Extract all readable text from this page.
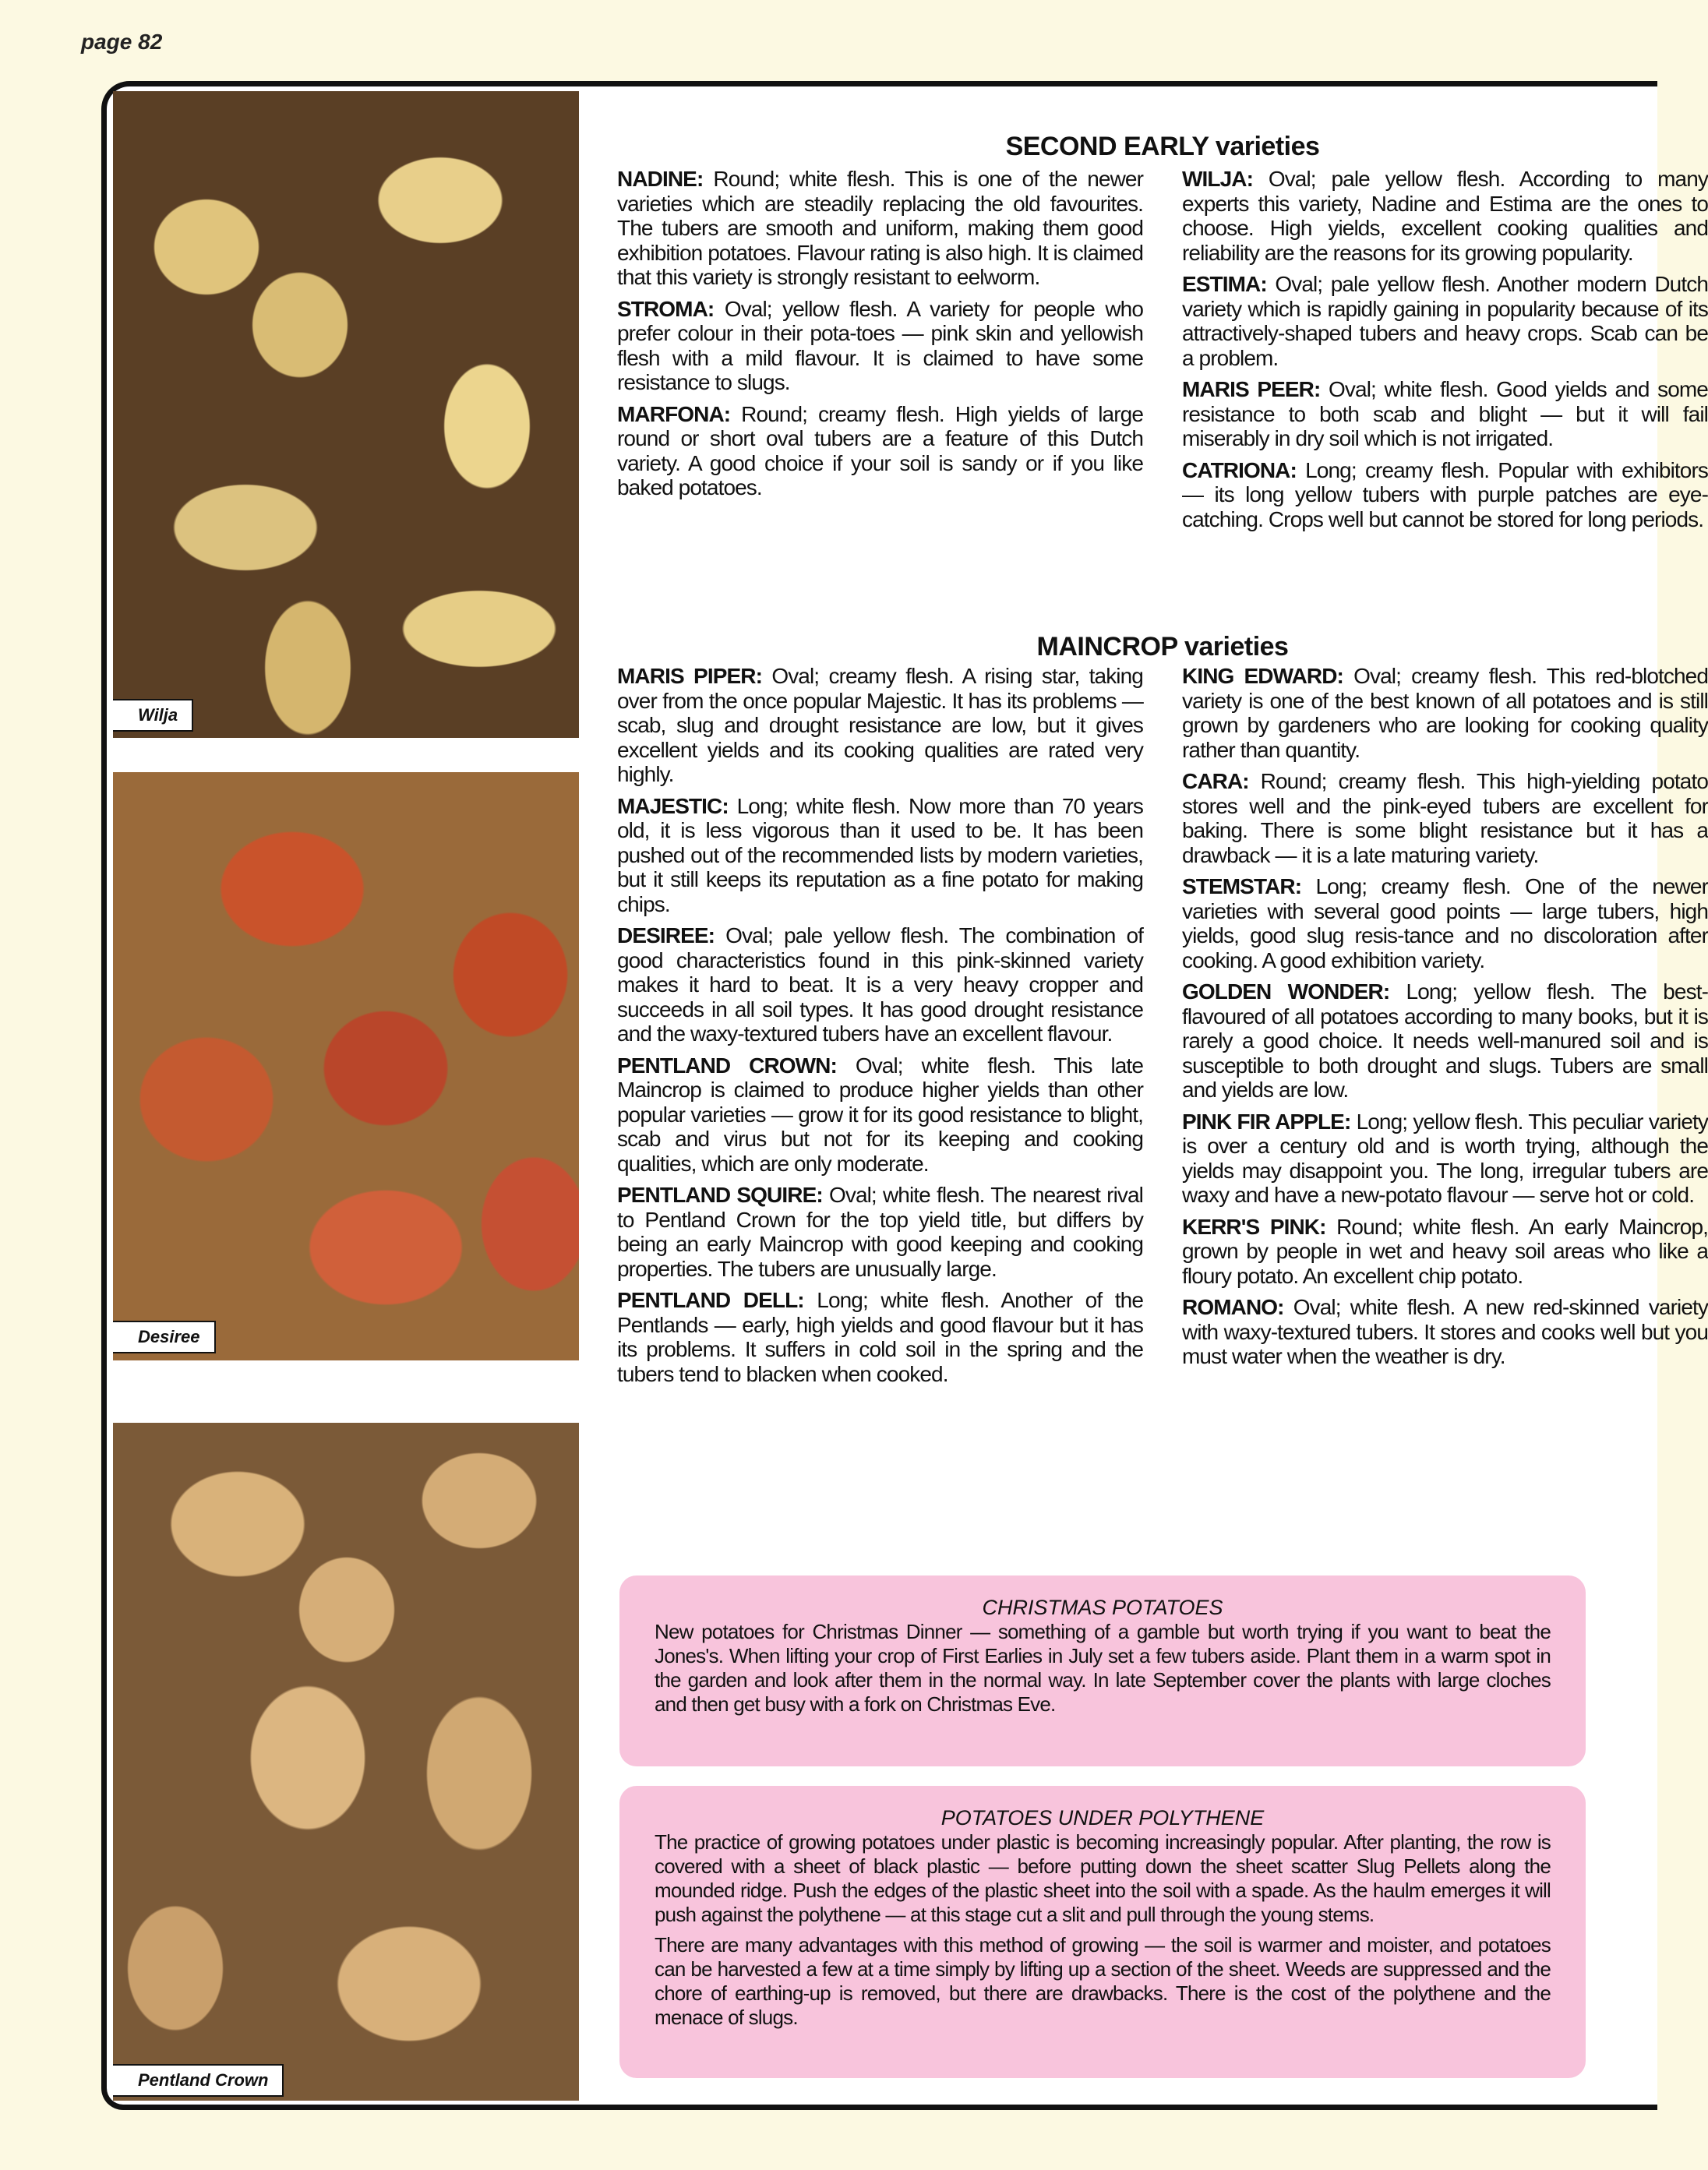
page 82
Wilja
Desiree
Pentland Crown
SECOND EARLY varieties

NADINE: Round; white flesh. This is one of the newer varieties which are steadily replacing the old favourites. The tubers are smooth and uniform, making them good exhibition potatoes. Flavour rating is also high. It is claimed that this variety is strongly resistant to eelworm.

STROMA: Oval; yellow flesh. A variety for people who prefer colour in their pota-toes — pink skin and yellowish flesh with a mild flavour. It is claimed to have some resistance to slugs.

MARFONA: Round; creamy flesh. High yields of large round or short oval tubers are a feature of this Dutch variety. A good choice if your soil is sandy or if you like baked potatoes.

WILJA: Oval; pale yellow flesh. According to many experts this variety, Nadine and Estima are the ones to choose. High yields, excellent cooking qualities and reliability are the reasons for its growing popularity.

ESTIMA: Oval; pale yellow flesh. Another modern Dutch variety which is rapidly gaining in popularity because of its attractively-shaped tubers and heavy crops. Scab can be a problem.

MARIS PEER: Oval; white flesh. Good yields and some resistance to both scab and blight — but it will fail miserably in dry soil which is not irrigated.

CATRIONA: Long; creamy flesh. Popular with exhibitors — its long yellow tubers with purple patches are eye-catching. Crops well but cannot be stored for long periods.

MAINCROP varieties

MARIS PIPER: Oval; creamy flesh. A rising star, taking over from the once popular Majestic. It has its problems — scab, slug and drought resistance are low, but it gives excellent yields and its cooking qualities are rated very highly.

MAJESTIC: Long; white flesh. Now more than 70 years old, it is less vigorous than it used to be. It has been pushed out of the recommended lists by modern varieties, but it still keeps its reputation as a fine potato for making chips.

DESIREE: Oval; pale yellow flesh. The combination of good characteristics found in this pink-skinned variety makes it hard to beat. It is a very heavy cropper and succeeds in all soil types. It has good drought resistance and the waxy-textured tubers have an excellent flavour.

PENTLAND CROWN: Oval; white flesh. This late Maincrop is claimed to produce higher yields than other popular varieties — grow it for its good resistance to blight, scab and virus but not for its keeping and cooking qualities, which are only moderate.

PENTLAND SQUIRE: Oval; white flesh. The nearest rival to Pentland Crown for the top yield title, but differs by being an early Maincrop with good keeping and cooking properties. The tubers are unusually large.

PENTLAND DELL: Long; white flesh. Another of the Pentlands — early, high yields and good flavour but it has its problems. It suffers in cold soil in the spring and the tubers tend to blacken when cooked.

KING EDWARD: Oval; creamy flesh. This red-blotched variety is one of the best known of all potatoes and is still grown by gardeners who are looking for cooking quality rather than quantity.

CARA: Round; creamy flesh. This high-yielding potato stores well and the pink-eyed tubers are excellent for baking. There is some blight resistance but it has a drawback — it is a late maturing variety.

STEMSTAR: Long; creamy flesh. One of the newer varieties with several good points — large tubers, high yields, good slug resis-tance and no discoloration after cooking. A good exhibition variety.

GOLDEN WONDER: Long; yellow flesh. The best-flavoured of all potatoes according to many books, but it is rarely a good choice. It needs well-manured soil and is susceptible to both drought and slugs. Tubers are small and yields are low.

PINK FIR APPLE: Long; yellow flesh. This peculiar variety is over a century old and is worth trying, although the yields may disappoint you. The long, irregular tubers are waxy and have a new-potato flavour — serve hot or cold.

KERR'S PINK: Round; white flesh. An early Maincrop, grown by people in wet and heavy soil areas who like a floury potato. An excellent chip potato.

ROMANO: Oval; white flesh. A new red-skinned variety with waxy-textured tubers. It stores and cooks well but you must water when the weather is dry.

CHRISTMAS POTATOES

New potatoes for Christmas Dinner — something of a gamble but worth trying if you want to beat the Jones's. When lifting your crop of First Earlies in July set a few tubers aside. Plant them in a warm spot in the garden and look after them in the normal way. In late September cover the plants with large cloches and then get busy with a fork on Christmas Eve.

POTATOES UNDER POLYTHENE

The practice of growing potatoes under plastic is becoming increasingly popular. After planting, the row is covered with a sheet of black plastic — before putting down the sheet scatter Slug Pellets along the mounded ridge. Push the edges of the plastic sheet into the soil with a spade. As the haulm emerges it will push against the polythene — at this stage cut a slit and pull through the young stems.

There are many advantages with this method of growing — the soil is warmer and moister, and potatoes can be harvested a few at a time simply by lifting up a section of the sheet. Weeds are suppressed and the chore of earthing-up is removed, but there are drawbacks. There is the cost of the polythene and the menace of slugs.
